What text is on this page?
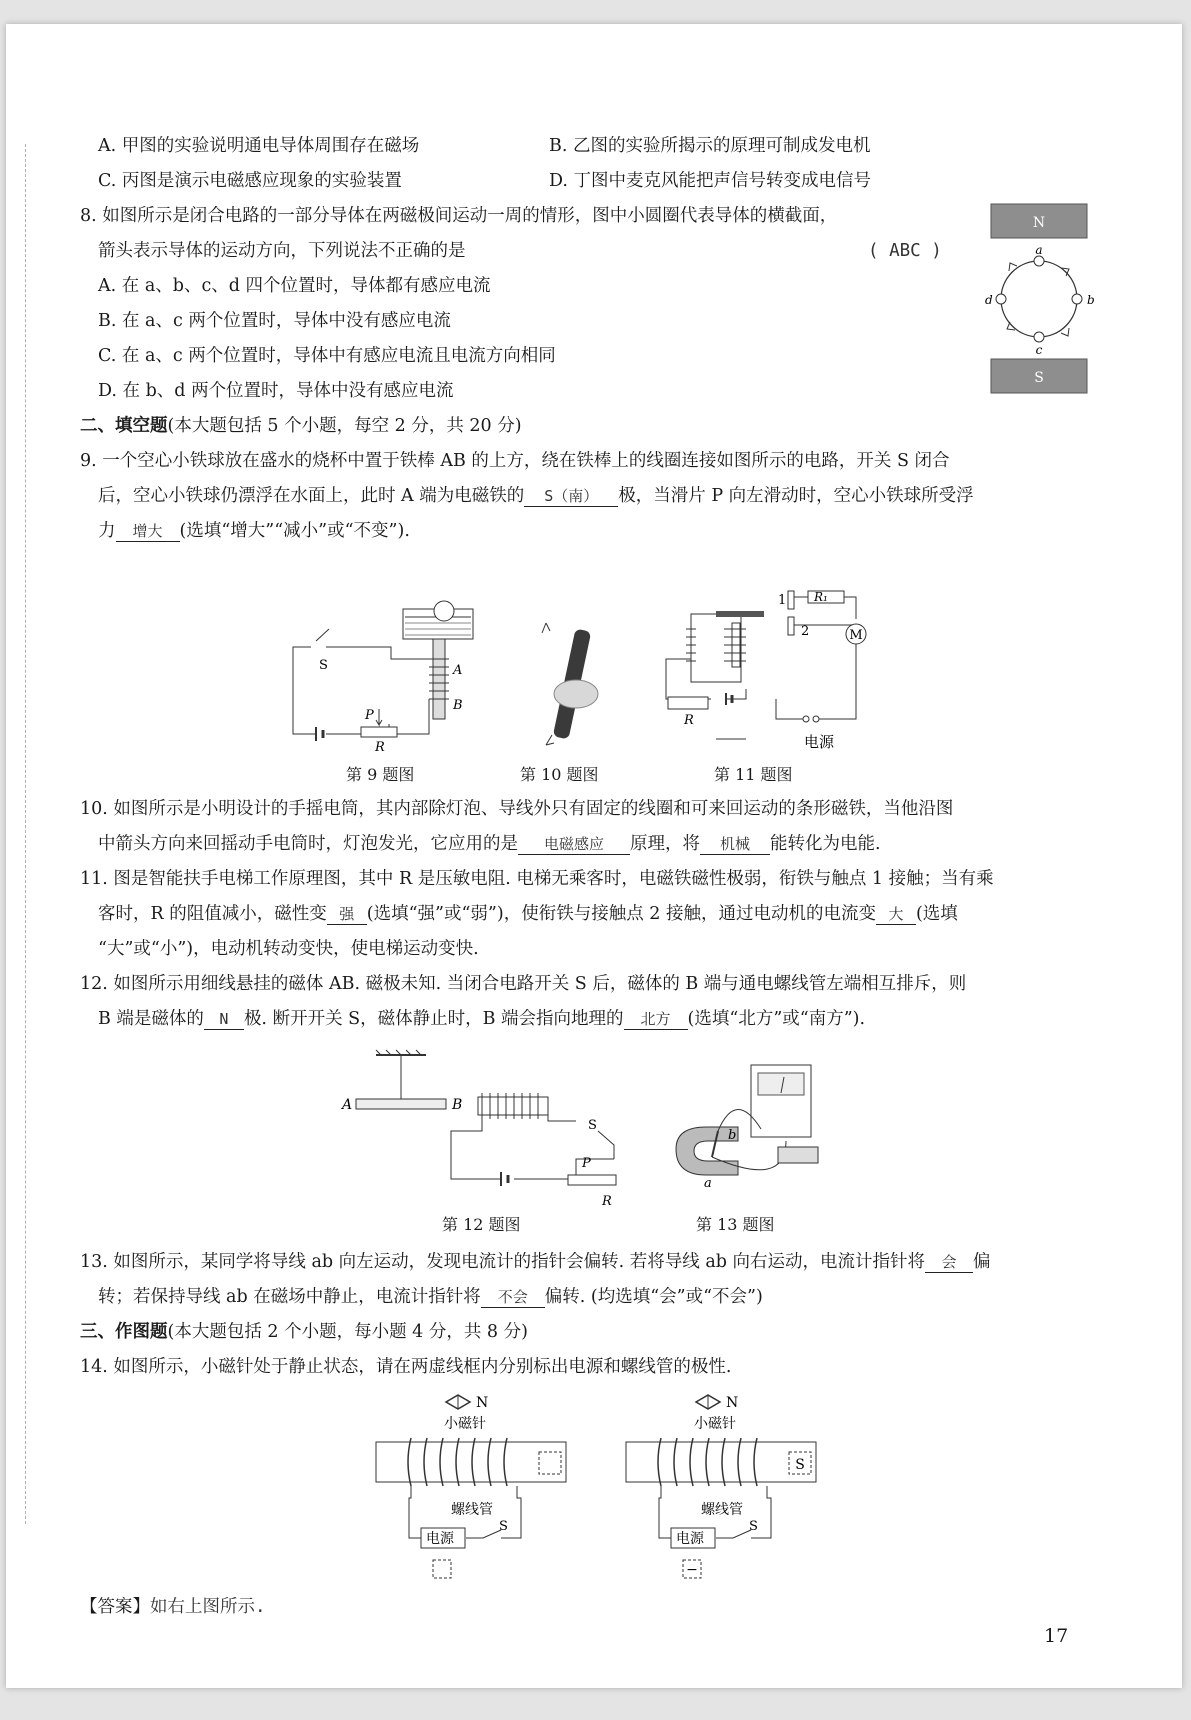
A. 甲图的实验说明通电导体周围存在磁场	B. 乙图的实验所揭示的原理可制成发电机
C. 丙图是演示电磁感应现象的实验装置	D. 丁图中麦克风能把声信号转变成电信号
8. 如图所示是闭合电路的一部分导体在两磁极间运动一周的情形，图中小圆圈代表导体的横截面，
箭头表示导体的运动方向，下列说法不正确的是	( ABC )
A. 在 a、b、c、d 四个位置时，导体都有感应电流
B. 在 a、c 两个位置时，导体中没有感应电流
C. 在 a、c 两个位置时，导体中有感应电流且电流方向相同
D. 在 b、d 两个位置时，导体中没有感应电流
N
S
a
b
c
d
二、填空题(本大题包括 5 个小题，每空 2 分，共 20 分)
9. 一个空心小铁球放在盛水的烧杯中置于铁棒 AB 的上方，绕在铁棒上的线圈连接如图所示的电路，开关 S 闭合
后，空心小铁球仍漂浮在水面上，此时 A 端为电磁铁的 S（南） 极，当滑片 P 向左滑动时，空心小铁球所受浮
力 增大 (选填“增大”“减小”或“不变”).
A
B
S
P
R
1
2
R₁
M
R
电源
第 9 题图	第 10 题图	第 11 题图
10. 如图所示是小明设计的手摇电筒，其内部除灯泡、导线外只有固定的线圈和可来回运动的条形磁铁，当他沿图
中箭头方向来回摇动手电筒时，灯泡发光，它应用的是 电磁感应 原理，将 机械 能转化为电能.
11. 图是智能扶手电梯工作原理图，其中 R 是压敏电阻. 电梯无乘客时，电磁铁磁性极弱，衔铁与触点 1 接触；当有乘
客时，R 的阻值减小，磁性变 强 (选填“强”或“弱”)，使衔铁与接触点 2 接触，通过电动机的电流变 大 (选填
“大”或“小”)，电动机转动变快，使电梯运动变快.
12. 如图所示用细线悬挂的磁体 AB. 磁极未知. 当闭合电路开关 S 后，磁体的 B 端与通电螺线管左端相互排斥，则
B 端是磁体的 N 极. 断开开关 S，磁体静止时，B 端会指向地理的 北方 (选填“北方”或“南方”).
A	B
S
P
R
a
b
第 12 题图	第 13 题图
13. 如图所示，某同学将导线 ab 向左运动，发现电流计的指针会偏转. 若将导线 ab 向右运动，电流计指针将 会 偏
转；若保持导线 ab 在磁场中静止，电流计指针将 不会 偏转. (均选填“会”或“不会”)
三、作图题(本大题包括 2 个小题，每小题 4 分，共 8 分)
14. 如图所示，小磁针处于静止状态，请在两虚线框内分别标出电源和螺线管的极性.
N
小磁针
螺线管
电源
S
N
小磁针
S
螺线管
电源
S
−
【答案】如右上图所示.
17
